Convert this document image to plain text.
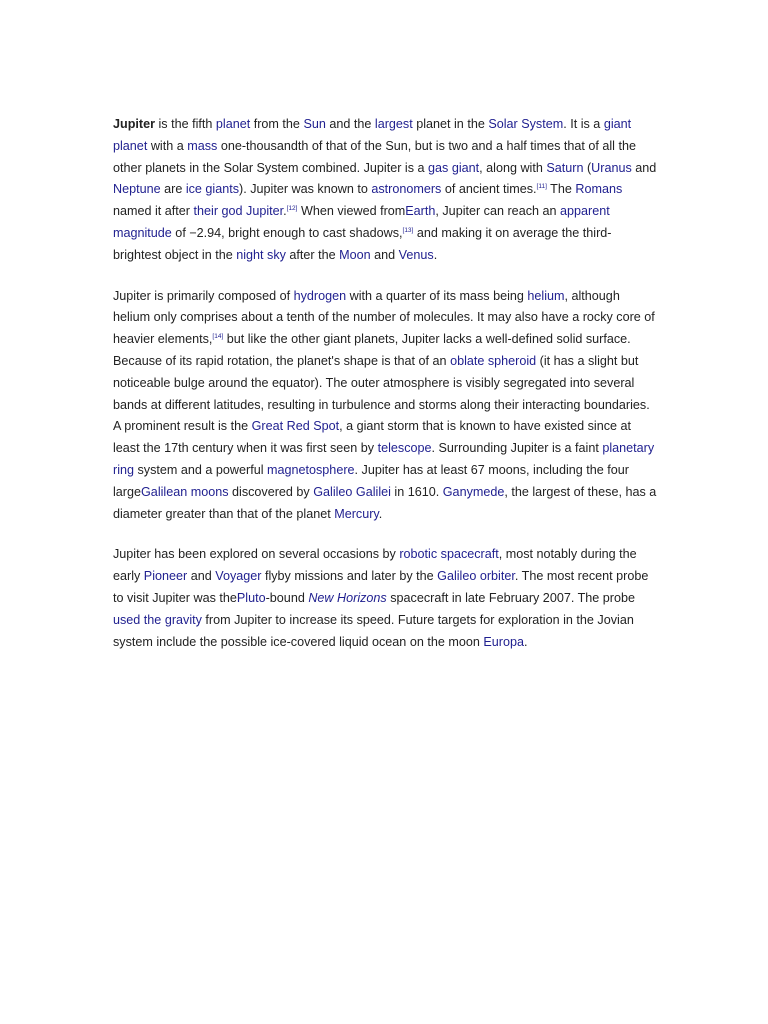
Jupiter is the fifth planet from the Sun and the largest planet in the Solar System. It is a giant planet with a mass one-thousandth of that of the Sun, but is two and a half times that of all the other planets in the Solar System combined. Jupiter is a gas giant, along with Saturn (Uranus and Neptune are ice giants). Jupiter was known to astronomers of ancient times.[11] The Romans named it after their god Jupiter.[12] When viewed fromEarth, Jupiter can reach an apparent magnitude of −2.94, bright enough to cast shadows,[13] and making it on average the third-brightest object in the night sky after the Moon and Venus.

Jupiter is primarily composed of hydrogen with a quarter of its mass being helium, although helium only comprises about a tenth of the number of molecules. It may also have a rocky core of heavier elements,[14] but like the other giant planets, Jupiter lacks a well-defined solid surface. Because of its rapid rotation, the planet's shape is that of an oblate spheroid (it has a slight but noticeable bulge around the equator). The outer atmosphere is visibly segregated into several bands at different latitudes, resulting in turbulence and storms along their interacting boundaries. A prominent result is the Great Red Spot, a giant storm that is known to have existed since at least the 17th century when it was first seen by telescope. Surrounding Jupiter is a faint planetary ring system and a powerful magnetosphere. Jupiter has at least 67 moons, including the four largeGalilean moons discovered by Galileo Galilei in 1610. Ganymede, the largest of these, has a diameter greater than that of the planet Mercury.

Jupiter has been explored on several occasions by robotic spacecraft, most notably during the early Pioneer and Voyager flyby missions and later by the Galileo orbiter. The most recent probe to visit Jupiter was thePluto-bound New Horizons spacecraft in late February 2007. The probe used the gravity from Jupiter to increase its speed. Future targets for exploration in the Jovian system include the possible ice-covered liquid ocean on the moon Europa.
